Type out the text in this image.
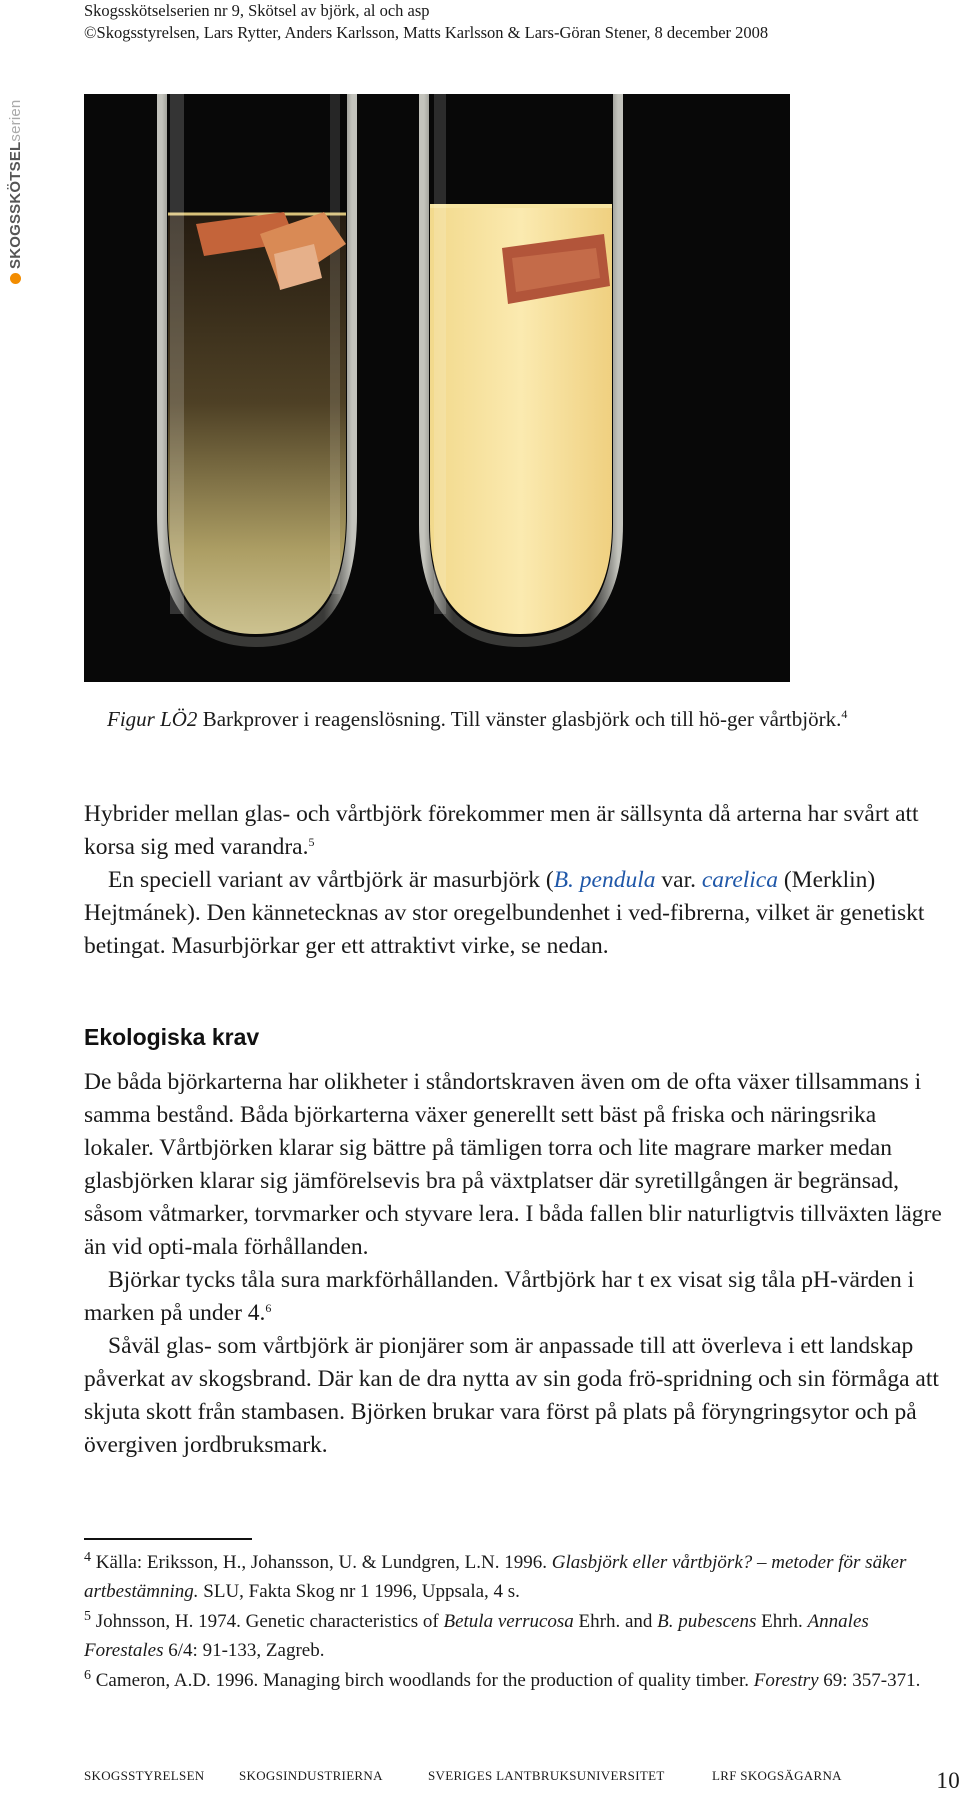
Skogsskötselserien nr 9, Skötsel av björk, al och asp
©Skogsstyrelsen, Lars Rytter, Anders Karlsson, Matts Karlsson & Lars-Göran Stener, 8 december 2008
SKOGSSKÖTSELserien
Figur LÖ2 Barkprover i reagenslösning. Till vänster glasbjörk och till hö-ger vårtbjörk.$^4$

Hybrider mellan glas- och vårtbjörk förekommer men är sällsynta då arterna har svårt att korsa sig med varandra.$^5$

En speciell variant av vårtbjörk är masurbjörk (B. pendula var. carelica (Merklin) Hejtmánek). Den kännetecknas av stor oregelbundenhet i ved-fibrerna, vilket är genetiskt betingat. Masurbjörkar ger ett attraktivt virke, se nedan.

Ekologiska krav

De båda björkarterna har olikheter i ståndortskraven även om de ofta växer tillsammans i samma bestånd. Båda björkarterna växer generellt sett bäst på friska och näringsrika lokaler. Vårtbjörken klarar sig bättre på tämligen torra och lite magrare marker medan glasbjörken klarar sig jämförelsevis bra på växtplatser där syretillgången är begränsad, såsom våtmarker, torvmarker och styvare lera. I båda fallen blir naturligtvis tillväxten lägre än vid opti-mala förhållanden.

Björkar tycks tåla sura markförhållanden. Vårtbjörk har t ex visat sig tåla pH-värden i marken på under 4.$^6$

Såväl glas- som vårtbjörk är pionjärer som är anpassade till att överleva i ett landskap påverkat av skogsbrand. Där kan de dra nytta av sin goda frö-spridning och sin förmåga att skjuta skott från stambasen. Björken brukar vara först på plats på föryngringsytor och på övergiven jordbruksmark.

$^4$ Källa: Eriksson, H., Johansson, U. & Lundgren, L.N. 1996. Glasbjörk eller vårtbjörk? – metoder för säker artbestämning. SLU, Fakta Skog nr 1 1996, Uppsala, 4 s.

$^5$ Johnsson, H. 1974. Genetic characteristics of Betula verrucosa Ehrh. and B. pubescens Ehrh. Annales Forestales 6/4: 91-133, Zagreb.

$^6$ Cameron, A.D. 1996. Managing birch woodlands for the production of quality timber. Forestry 69: 357-371.

SKOGSSTYRELSEN	SKOGSINDUSTRIERNA	SVERIGES LANTBRUKSUNIVERSITET	LRF SKOGSÄGARNA	10
